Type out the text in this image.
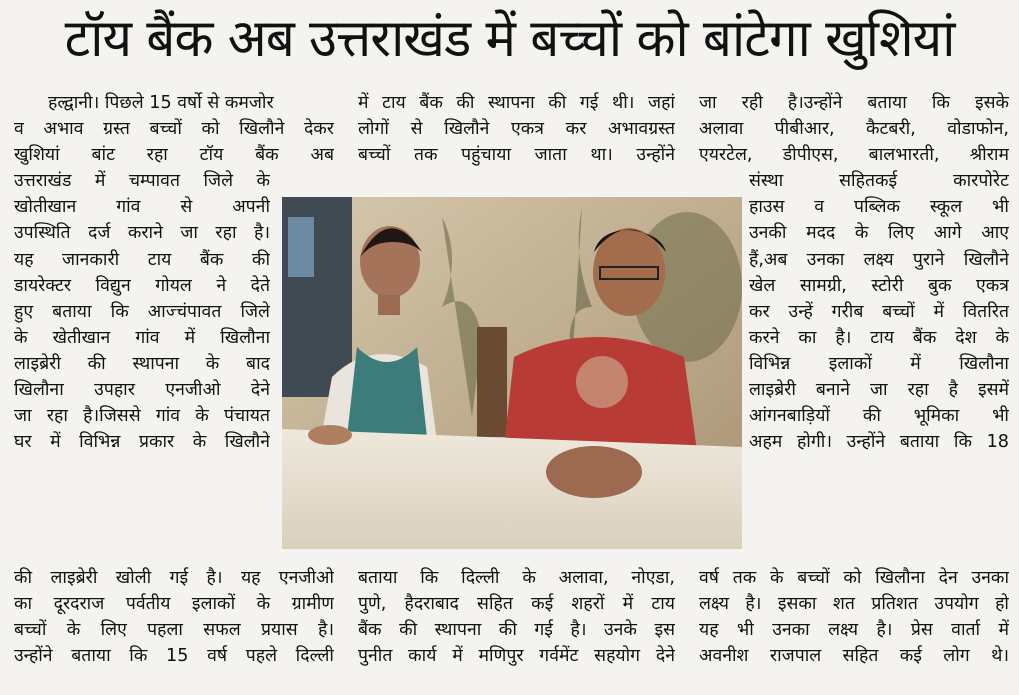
टॉय बैंक अब उत्तराखंड में बच्चों को बांटेगा खुशियां
हल्द्वानी। पिछले 15 वर्षो से कमजोर
व अभाव ग्रस्त बच्चों को खिलौने देकर
खुशियां बांट रहा टॉय बैंक अब
उत्तराखंड में चम्पावत जिले के
खोतीखान गांव से अपनी
उपस्थिति दर्ज कराने जा रहा है।
यह जानकारी टाय बैंक की
डायरेक्टर विद्युन गोयल ने देते
हुए बताया कि आज्चंपावत जिले
के खेतीखान गांव में खिलौना
लाइब्रेरी की स्थापना के बाद
खिलौना उपहार एनजीओ देने
जा रहा है।जिससे गांव के पंचायत
घर में विभिन्न प्रकार के खिलौने
में टाय बैंक की स्थापना की गई थी। जहां
लोगों से खिलौने एकत्र कर अभावग्रस्त
बच्चों तक पहुंचाया जाता था। उन्होंने
जा रही है।उन्होंने बताया कि इसके
अलावा पीबीआर, कैटबरी, वोडाफोन,
एयरटेल, डीपीएस, बालभारती, श्रीराम
संस्था सहितकई कारपोरेट
हाउस व पब्लिक स्कूल भी
उनकी मदद के लिए आगे आए
हैं,अब उनका लक्ष्य पुराने खिलौने
खेल सामग्री, स्टोरी बुक एकत्र
कर उन्हें गरीब बच्चों में वितरित
करने का है। टाय बैंक देश के
विभिन्न इलाकों में खिलौना
लाइब्रेरी बनाने जा रहा है इसमें
आंगनबाड़ियों की भूमिका भी
अहम होगी। उन्होंने बताया कि 18
की लाइब्रेरी खोली गई है। यह एनजीओ
का दूरदराज पर्वतीय इलाकों के ग्रामीण
बच्चों के लिए पहला सफल प्रयास है।
उन्होंने बताया कि 15 वर्ष पहले दिल्ली
बताया कि दिल्ली के अलावा, नोएडा,
पुणे, हैदराबाद सहित कई शहरों में टाय
बैंक की स्थापना की गई है। उनके इस
पुनीत कार्य में मणिपुर गर्वमेंट सहयोग देने
वर्ष तक के बच्चों को खिलौना देन उनका
लक्ष्य है। इसका शत प्रतिशत उपयोग हो
यह भी उनका लक्ष्य है। प्रेस वार्ता में
अवनीश राजपाल सहित कई लोग थे।
